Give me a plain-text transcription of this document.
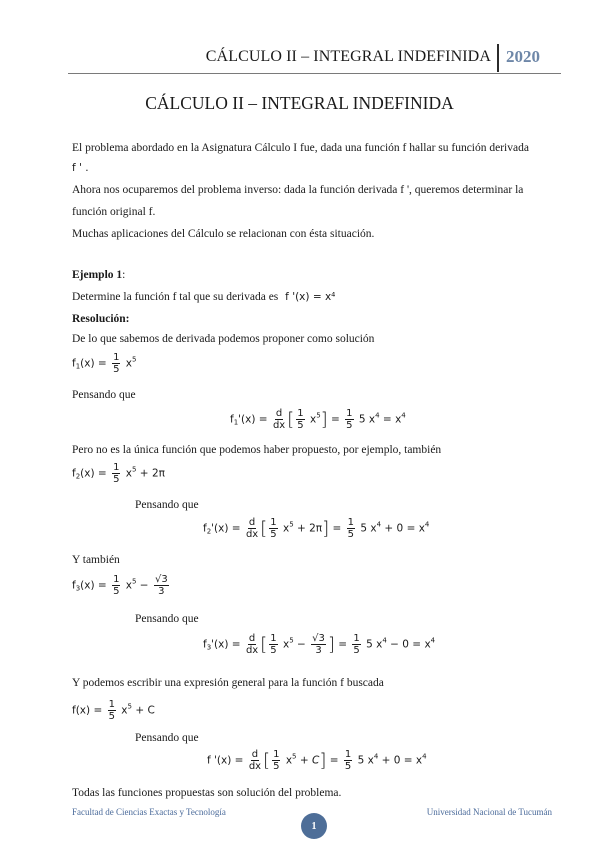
CÁLCULO II – INTEGRAL INDEFINIDA 2020
CÁLCULO II – INTEGRAL INDEFINIDA
El problema abordado en la Asignatura Cálculo I fue, dada una función f hallar su función derivada
f ' .
Ahora nos ocuparemos del problema inverso: dada la función derivada f ', queremos determinar la
función original f.
Muchas aplicaciones del Cálculo se relacionan con ésta situación.
Ejemplo 1:
Determine la función f tal que su derivada es f '(x) = x⁴
Resolución:
De lo que sabemos de derivada podemos proponer como solución
$f_1(x) = \frac{1}{5} x^5$
Pensando que
$f_1'(x) = \frac{d}{dx}$ [ $\frac{1}{5} x^5] = \frac{1}{5} 5$ $x^4 = x^4$
Pero no es la única función que podemos haber propuesto, por ejemplo, también
$f_2(x) = \frac{1}{5} x^5 + 2\pi$
Pensando que
$f_2'(x) = \frac{d}{dx}$ [ $\frac{1}{5} x^5 + 2\pi] = \frac{1}{5} 5$ $x^4 + 0 = x^4$
Y también
$f_3(x) = \frac{1}{5} x^5 - \frac{√3}{3}$
Pensando que
$f_3'(x) = \frac{d}{dx}$ [ $\frac{1}{5} x^5 - \frac{√3}{3}$ ] = $\frac{1}{5} 5$ $x^4 - 0 = x^4$
Y podemos escribir una expresión general para la función f buscada
$f(x) = \frac{1}{5} x^5 + C$
Pensando que
f '$(x) = \frac{d}{dx}$ [ $\frac{1}{5} x^5 + C] = \frac{1}{5} 5$ $x^4 + 0 = x^4$
Todas las funciones propuestas son solución del problema.
Facultad de Ciencias Exactas y Tecnología	Universidad Nacional de Tucumán
1
